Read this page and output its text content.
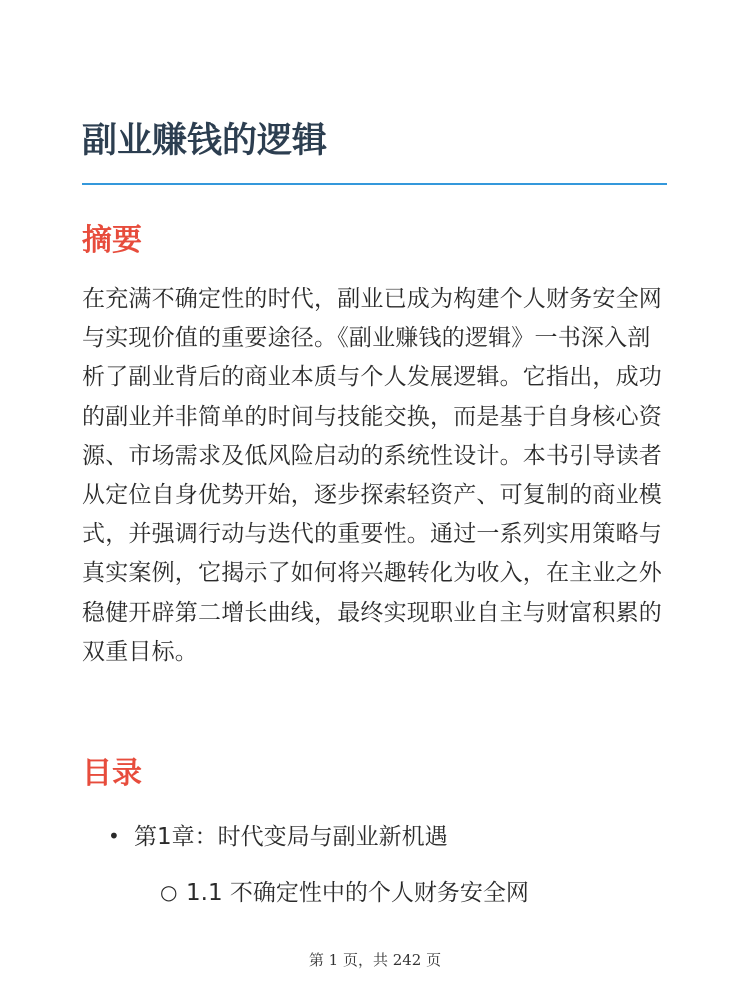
副业赚钱的逻辑
摘要

在充满不确定性的时代，副业已成为构建个人财务安全网与实现价值的重要途径。《副业赚钱的逻辑》一书深入剖析了副业背后的商业本质与个人发展逻辑。它指出，成功的副业并非简单的时间与技能交换，而是基于自身核心资源、市场需求及低风险启动的系统性设计。本书引导读者从定位自身优势开始，逐步探索轻资产、可复制的商业模式，并强调行动与迭代的重要性。通过一系列实用策略与真实案例，它揭示了如何将兴趣转化为收入，在主业之外稳健开辟第二增长曲线，最终实现职业自主与财富积累的双重目标。

目录
• 第1章：时代变局与副业新机遇
○ 1.1 不确定性中的个人财务安全网
第 1 页，共 242 页
